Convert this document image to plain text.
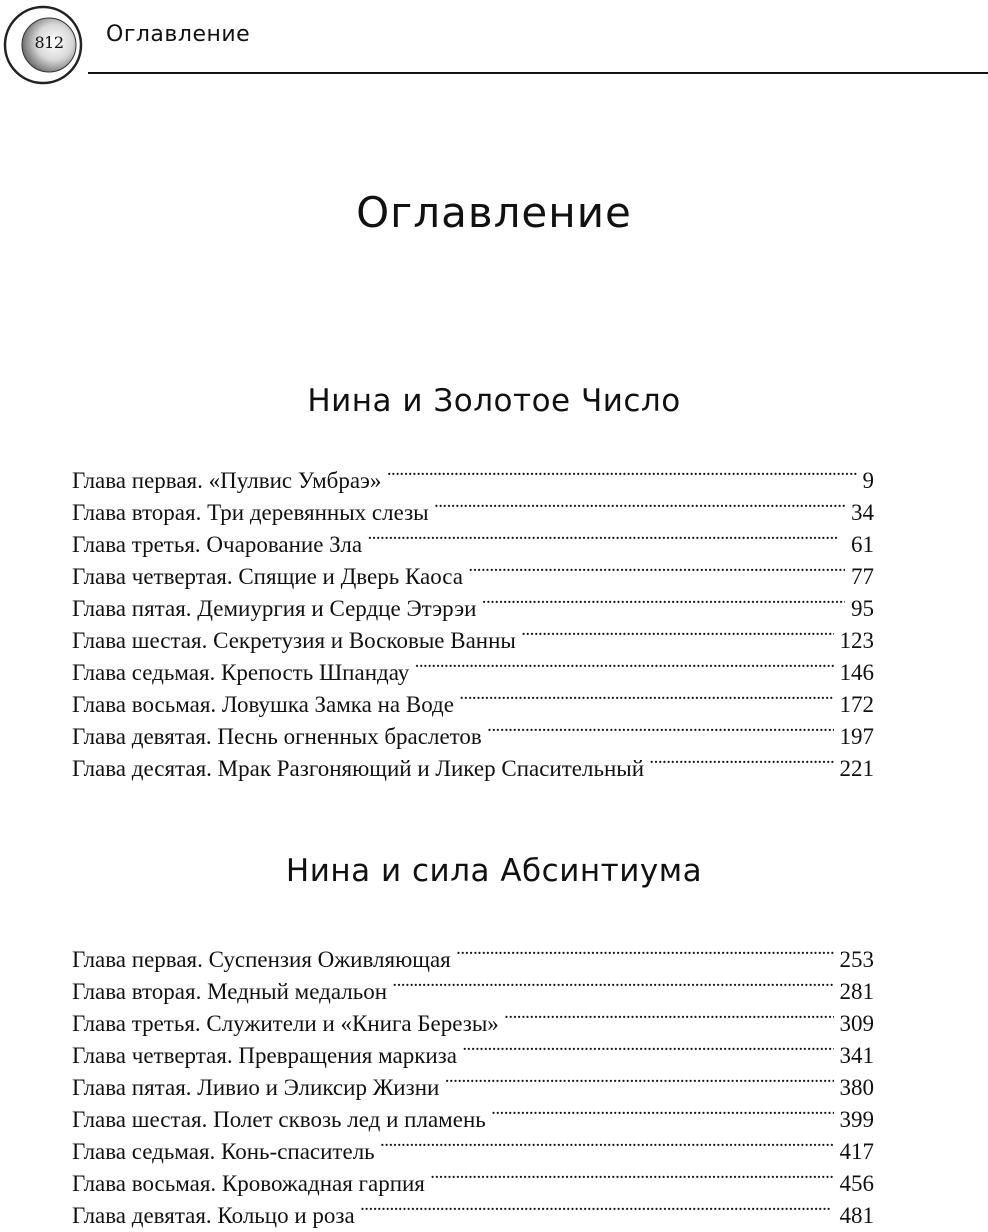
812	Оглавление
Оглавление
Нина и Золотое Число
Глава первая. «Пулвис Умбраэ» . . .	9
Глава вторая. Три деревянных слезы . . .	34
Глава третья. Очарование Зла . . .	61
Глава четвертая. Спящие и Дверь Каоса . . .	77
Глава пятая. Демиургия и Сердце Этэрэи . . .	95
Глава шестая. Секретузия и Восковые Ванны . . .	123
Глава седьмая. Крепость Шпандау . . .	146
Глава восьмая. Ловушка Замка на Воде . . .	172
Глава девятая. Песнь огненных браслетов . . .	197
Глава десятая. Мрак Разгоняющий и Ликер Спасительный . . .	221
Нина и сила Абсинтиума
Глава первая. Суспензия Оживляющая . . .	253
Глава вторая. Медный медальон . . .	281
Глава третья. Служители и «Книга Березы» . . .	309
Глава четвертая. Превращения маркиза . . .	341
Глава пятая. Ливио и Эликсир Жизни . . .	380
Глава шестая. Полет сквозь лед и пламень . . .	399
Глава седьмая. Конь-спаситель . . .	417
Глава восьмая. Кровожадная гарпия . . .	456
Глава девятая. Кольцо и роза . . .	481
